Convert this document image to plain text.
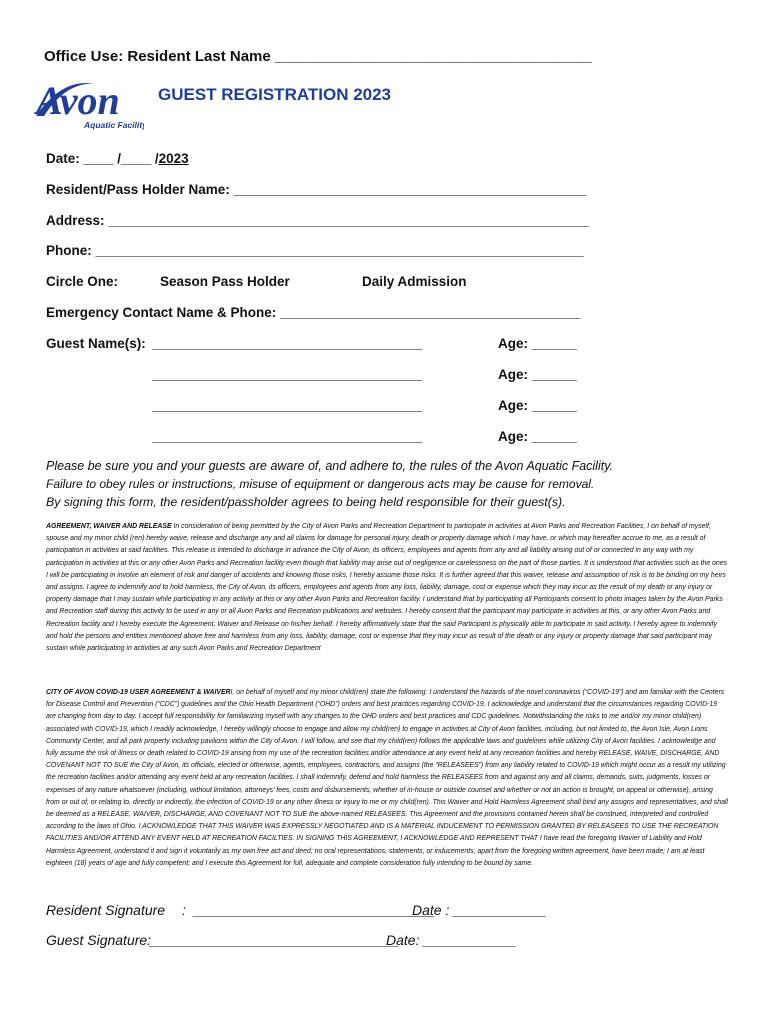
Office Use: Resident Last Name ______________________________________
Avon
Aquatic Facility
GUEST REGISTRATION 2023
Date: ____ /____ /2023
Resident/Pass Holder Name: _______________________________________________
Address: ________________________________________________________________
Phone: _________________________________________________________________
Circle One:	Season Pass Holder	Daily Admission
Emergency Contact Name & Phone: ________________________________________
Guest Name(s): ____________________________________	Age: ______
____________________________________	Age: ______
____________________________________	Age: ______
____________________________________	Age: ______
Please be sure you and your guests are aware of, and adhere to, the rules of the Avon Aquatic Facility.
Failure to obey rules or instructions, misuse of equipment or dangerous acts may be cause for removal.
By signing this form, the resident/passholder agrees to being held responsible for their guest(s).
AGREEMENT, WAIVER AND RELEASE In consideration of being permitted by the City of Avon Parks and Recreation Department to participate in activities at Avon Parks and Recreation Facilities, I on behalf of myself, spouse and my minor child (ren) hereby waive, release and discharge any and all claims for damage for personal injury, death or property damage which I may have, or which may hereafter accrue to me, as a result of participation in activities at said facilities. This release is intended to discharge in advance the City of Avon, its officers, employees and agents from any and all liability arising out of or connected in any way with my participation in activities at this or any other Avon Parks and Recreation facility even though that liability may arise out of negligence or carelessness on the part of those parties. It is understood that activities such as the ones I will be participating in involve an element of risk and danger of accidents and knowing those risks, I hereby assume those risks. It is further agreed that this waiver, release and assumption of risk is to be binding on my heirs and assigns. I agree to indemnify and to hold harmless, the City of Avon, its officers, employees and agents from any loss, liability, damage, cost or expense which they may incur as the result of my death or any injury or property damage that I may sustain while participating in any activity at this or any other Avon Parks and Recreation facility. I understand that by participating all Participants consent to photo images taken by the Avon Parks and Recreation staff during this activity to be used in any or all Avon Parks and Recreation publications and websites. I hereby consent that the participant may participate in activities at this, or any other Avon Parks and Recreation facility and I hereby execute the Agreement, Waiver and Release on his/her behalf. I hereby affirmatively state that the said Participant is physically able to participate in said activity. I hereby agree to indemnify and hold the persons and entities mentioned above free and harmless from any loss, liability, damage, cost or expense that they may incur as result of the death or any injury or property damage that said participant may sustain while participating in activities at any such Avon Parks and Recreation Department
CITY OF AVON COVID-19 USER AGREEMENT & WAIVERI, on behalf of myself and my minor child(ren) state the following: I understand the hazards of the novel coronavirus (“COVID-19”) and am familiar with the Centers for Disease Control and Prevention (“CDC”) guidelines and the Ohio Health Department (“OHD”) orders and best practices regarding COVID-19. I acknowledge and understand that the circumstances regarding COVID-19 are changing from day to day. I accept full responsibility for familiarizing myself with any changes to the OHD orders and best practices and CDC guidelines. Notwithstanding the risks to me and/or my minor child(ren) associated with COVID-19, which I readily acknowledge, I hereby willingly choose to engage and allow my child(ren) to engage in activities at City of Avon facilities, including, but not limited to, the Avon Isle, Avon Lions Community Center, and all park property including pavilions within the City of Avon. I will follow, and see that my child(ren) follows the applicable laws and guidelines while utilizing City of Avon facilities. I acknowledge and fully assume the risk of illness or death related to COVID-19 arising from my use of the recreation facilities and/or attendance at any event held at any recreation facilities and hereby RELEASE, WAIVE, DISCHARGE, AND COVENANT NOT TO SUE the City of Avon, its officials, elected or otherwise, agents, employees, contractors, and assigns (the “RELEASEES”) from any liability related to COVID-19 which might occur as a result my utilizing the recreation facilities and/or attending any event held at any recreation facilities. I shall indemnify, defend and hold harmless the RELEASEES from and against any and all claims, demands, suits, judgments, losses or expenses of any nature whatsoever (including, without limitation, attorneys’ fees, costs and disbursements, whether of in-house or outside counsel and whether or not an action is brought, on appeal or otherwise), arising from or out of, or relating to, directly or indirectly, the infection of COVID-19 or any other illness or injury to me or my child(ren). This Waiver and Hold Harmless Agreement shall bind any assigns and representatives, and shall be deemed as a RELEASE, WAIVER, DISCHARGE, AND COVENANT NOT TO SUE the above-named RELEASEES. This Agreement and the provisions contained herein shall be construed, interpreted and controlled according to the laws of Ohio. I ACKNOWLEDGE THAT THIS WAIVER WAS EXPRESSLY NEGOTIATED AND IS A MATERIAL INDUCEMENT TO PERMISSION GRANTED BY RELEASEES TO USE THE RECREATION FACILITIES AND/OR ATTEND ANY EVENT HELD AT RECREATION FACILTIES. IN SIGNING THIS AGREEMENT, I ACKNOWLEDGE AND REPRESENT THAT I have read the foregoing Wavier of Liability and Hold Harmless Agreement, understand it and sign it voluntarily as my own free act and deed; no oral representations, statements, or inducements, apart from the foregoing written agreement, have been made; I am at least eighteen (18) years of age and fully competent; and I execute this Agreement for full, adequate and complete consideration fully intending to be bound by same.
Resident Signature :  _______________________________
Date : ____________
Guest Signature:
________________________________
Date: ____________
